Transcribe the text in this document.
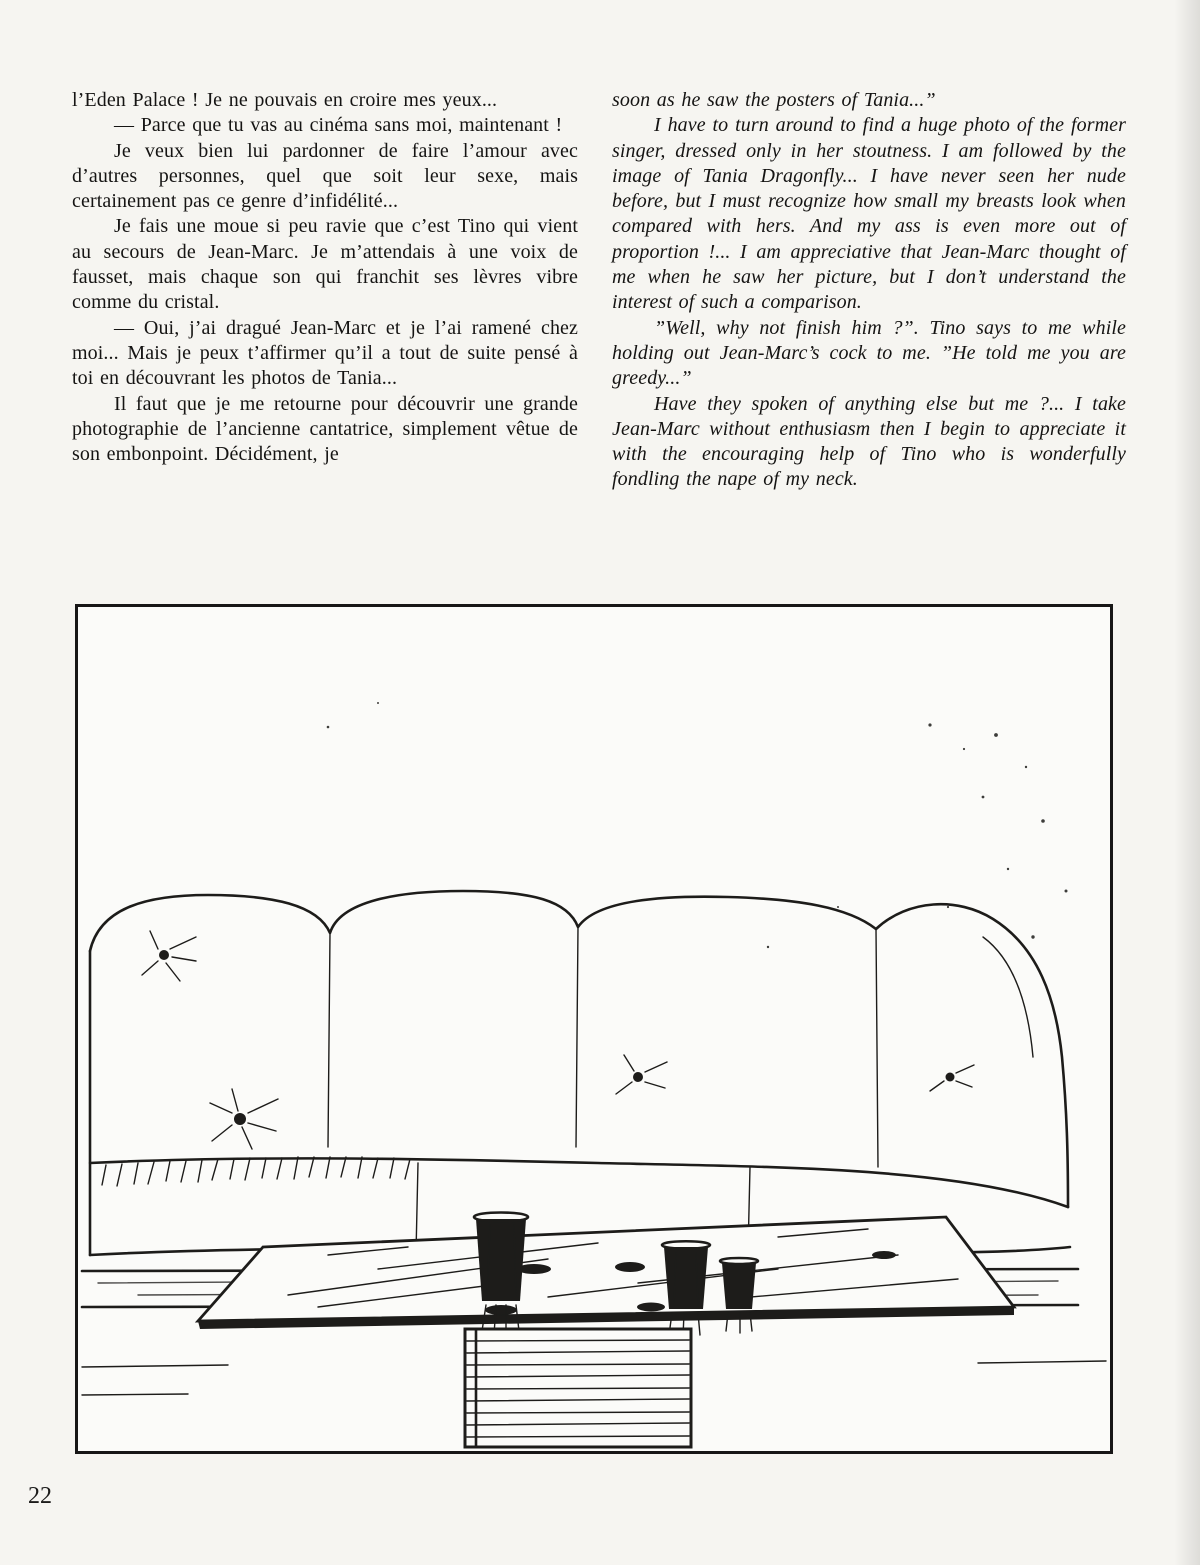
l’Eden Palace ! Je ne pouvais en croire mes yeux...

— Parce que tu vas au cinéma sans moi, maintenant !

Je veux bien lui pardonner de faire l’amour avec d’autres personnes, quel que soit leur sexe, mais certainement pas ce genre d’infidélité...

Je fais une moue si peu ravie que c’est Tino qui vient au secours de Jean-Marc. Je m’attendais à une voix de fausset, mais chaque son qui franchit ses lèvres vibre comme du cristal.

— Oui, j’ai dragué Jean-Marc et je l’ai ramené chez moi... Mais je peux t’affirmer qu’il a tout de suite pensé à toi en découvrant les photos de Tania...

Il faut que je me retourne pour découvrir une grande photographie de l’ancienne cantatrice, simplement vêtue de son embonpoint. Décidément, je

soon as he saw the posters of Tania...”

I have to turn around to find a huge photo of the former singer, dressed only in her stoutness. I am followed by the image of Tania Dragonfly... I have never seen her nude before, but I must recognize how small my breasts look when compared with hers. And my ass is even more out of proportion !... I am appreciative that Jean-Marc thought of me when he saw her picture, but I don’t understand the interest of such a comparison.

”Well, why not finish him ?”. Tino says to me while holding out Jean-Marc’s cock to me. ”He told me you are greedy...”

Have they spoken of anything else but me ?... I take Jean-Marc without enthusiasm then I begin to appreciate it with the encouraging help of Tino who is wonderfully fondling the nape of my neck.

22
